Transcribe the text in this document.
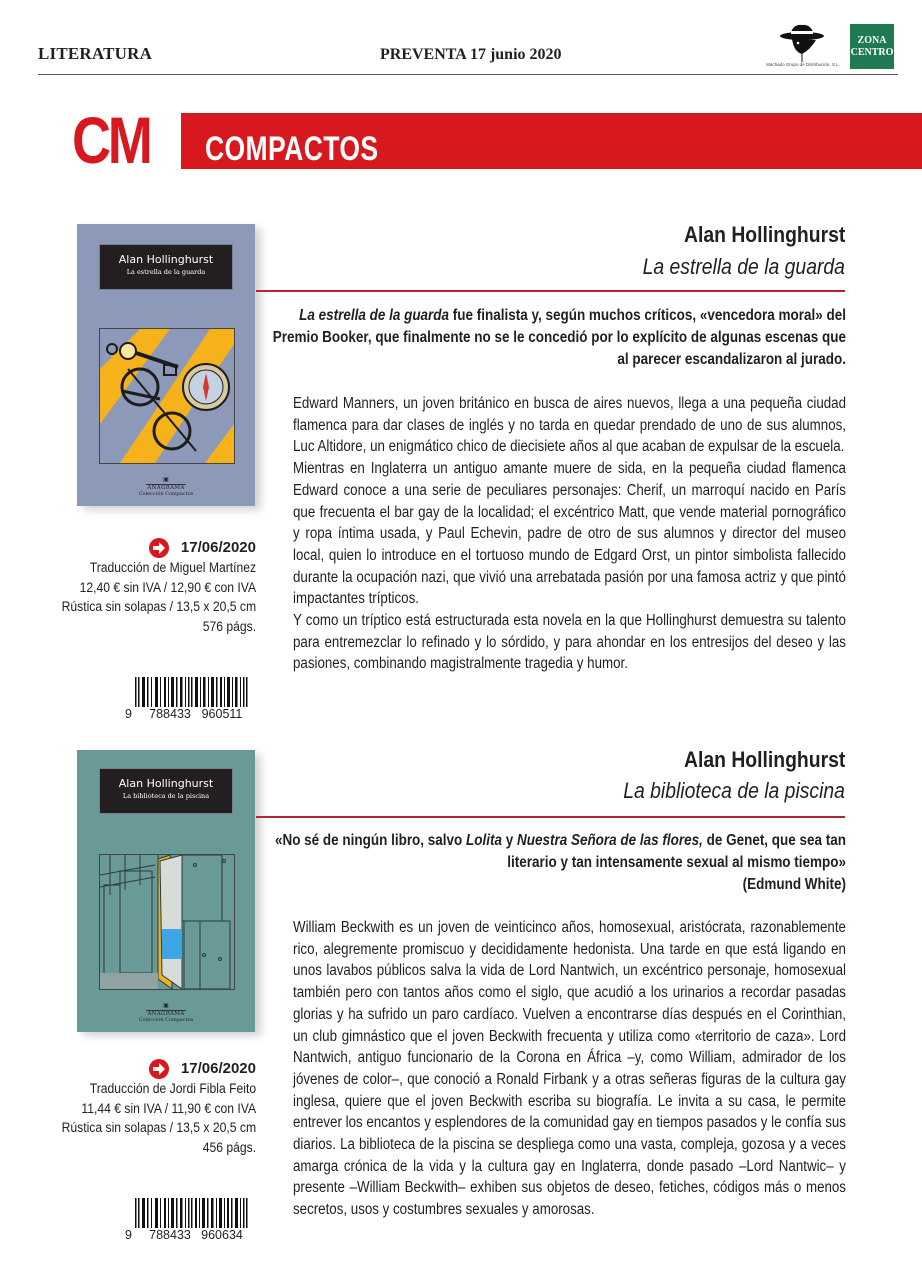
LITERATURA	PREVENTA 17 junio 2020
Machado Grupo de Distribución, S.L.
ZONA
CENTRO
CM COMPACTOS
Alan Hollinghurst
La estrella de la guarda
▣
ANAGRAMA
Colección Compactos
17/06/2020
Traducción de Miguel Martínez
12,40 € sin IVA / 12,90 € con IVA
Rústica sin solapas / 13,5 x 20,5 cm
576 págs.
9	788433 960511
Alan Hollinghurst
La estrella de la guarda
La estrella de la guarda fue finalista y, según muchos críticos, «vencedora moral» del Premio Booker, que finalmente no se le concedió por lo explícito de algunas escenas que al parecer escandalizaron al jurado.

Edward Manners, un joven británico en busca de aires nuevos, llega a una pequeña ciudad flamenca para dar clases de inglés y no tarda en quedar prendado de uno de sus alumnos, Luc Altidore, un enigmático chico de diecisiete años al que acaban de expulsar de la escuela.

Mientras en Inglaterra un antiguo amante muere de sida, en la pequeña ciudad flamenca Edward conoce a una serie de peculiares personajes: Cherif, un marroquí nacido en París que frecuenta el bar gay de la localidad; el excéntrico Matt, que vende material pornográfico y ropa íntima usada, y Paul Echevin, padre de otro de sus alumnos y director del museo local, quien lo introduce en el tortuoso mundo de Edgard Orst, un pintor simbolista fallecido durante la ocupación nazi, que vivió una arrebatada pasión por una famosa actriz y que pintó impactantes trípticos.

Y como un tríptico está estructurada esta novela en la que Hollinghurst demuestra su talento para entremezclar lo refinado y lo sórdido, y para ahondar en los entresijos del deseo y las pasiones, combinando magistralmente tragedia y humor.

Alan Hollinghurst
La biblioteca de la piscina
▣
ANAGRAMA
Colección Compactos
17/06/2020
Traducción de Jordi Fibla Feito
11,44 € sin IVA / 11,90 € con IVA
Rústica sin solapas / 13,5 x 20,5 cm
456 págs.
9	788433 960634
Alan Hollinghurst
La biblioteca de la piscina
«No sé de ningún libro, salvo Lolita y Nuestra Señora de las flores, de Genet, que sea tan literario y tan intensamente sexual al mismo tiempo»
(Edmund White)

William Beckwith es un joven de veinticinco años, homosexual, aristócrata, razonablemente rico, alegremente promiscuo y decididamente hedonista. Una tarde en que está ligando en unos lavabos públicos salva la vida de Lord Nantwich, un excéntrico personaje, homosexual también pero con tantos años como el siglo, que acudió a los urinarios a recordar pasadas glorias y ha sufrido un paro cardíaco. Vuelven a encontrarse días después en el Corinthian, un club gimnástico que el joven Beckwith frecuenta y utiliza como «territorio de caza». Lord Nantwich, antiguo funcionario de la Corona en África –y, como William, admirador de los jóvenes de color–, que conoció a Ronald Firbank y a otras señeras figuras de la cultura gay inglesa, quiere que el joven Beckwith escriba su biografía. Le invita a su casa, le permite entrever los encantos y esplendores de la comunidad gay en tiempos pasados y le confía sus diarios. La biblioteca de la piscina se despliega como una vasta, compleja, gozosa y a veces amarga crónica de la vida y la cultura gay en Inglaterra, donde pasado –Lord Nantwic– y presente –William Beckwith– exhiben sus objetos de deseo, fetiches, códigos más o menos secretos, usos y costumbres sexuales y amorosas.
